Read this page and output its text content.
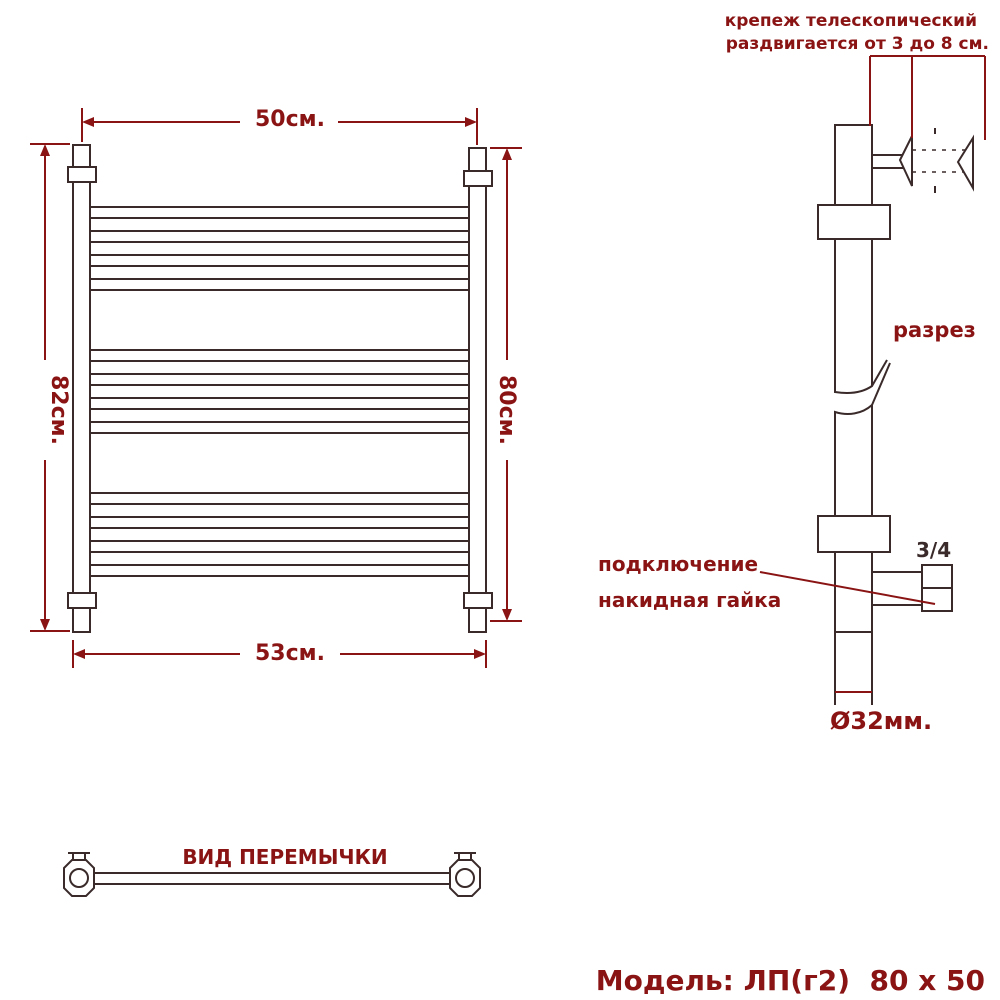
50см.
53см.
82см.	80см.
крепеж телескопический
раздвигается от 3 до 8 см.
разрез
3/4
подключение
накидная гайка
Ø32мм.
ВИД ПЕРЕМЫЧКИ
Модель: ЛП(г2)  80 х 50
